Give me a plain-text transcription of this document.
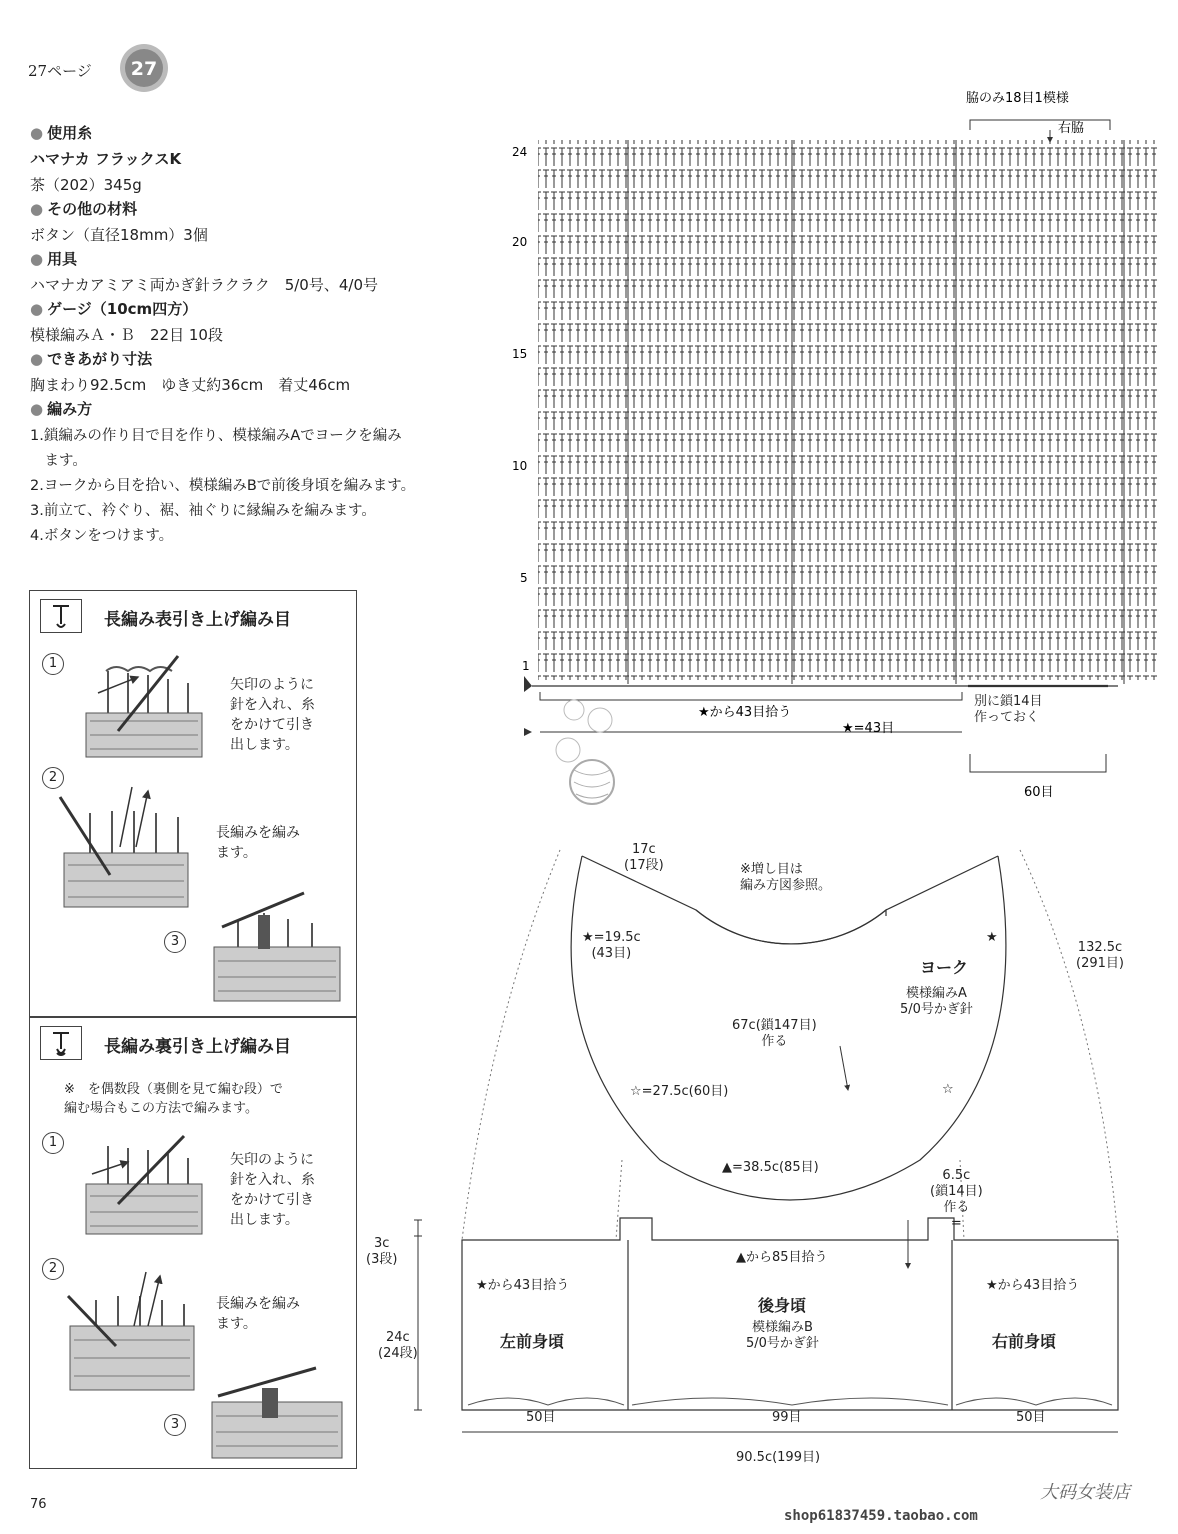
27ページ 27
● 使用糸
ハマナカ フラックスK
茶（202）345g
● その他の材料
ボタン（直径18mm）3個
● 用具
ハマナカアミアミ両かぎ針ラクラク　5/0号、4/0号
● ゲージ（10cm四方）
模様編みＡ・Ｂ　22目 10段
● できあがり寸法
胸まわり92.5cm　ゆき丈約36cm　着丈46cm
● 編み方
1.鎖編みの作り目で目を作り、模様編みAでヨークを編み
　ます。
2.ヨークから目を拾い、模様編みBで前後身頃を編みます。
3.前立て、衿ぐり、裾、袖ぐりに縁編みを編みます。
4.ボタンをつけます。
長編み表引き上げ編み目
1
矢印のように
針を入れ、糸
をかけて引き
出します。
2
長編みを編み
ます。
3
長編み裏引き上げ編み目
※　を偶数段（裏側を見て編む段）で
編む場合もこの方法で編みます。
1
矢印のように
針を入れ、糸
をかけて引き
出します。
2
長編みを編み
ます。
3
24
20
15
10
5
1
脇のみ18目1模様
右脇
★から43目拾う
★=43目
60目
別に鎖14目
作っておく
17c
(17段)	※増し目は
編み方図参照。
★=19.5c
(43目)
★
132.5c
(291目)
ヨーク
模様編みA
5/0号かぎ針
67c(鎖147目)
作る
☆=27.5c(60目)	☆
▲=38.5c(85目)
6.5c
(鎖14目)
作る
=
3c
(3段)
24c
(24段)
▲から85目拾う
★から43目拾う	★から43目拾う
左前身頃
後身頃
模様編みB
5/0号かぎ針	右前身頃
50目	99目	50目
90.5c(199目)
76
大码女装店
shop61837459.taobao.com
